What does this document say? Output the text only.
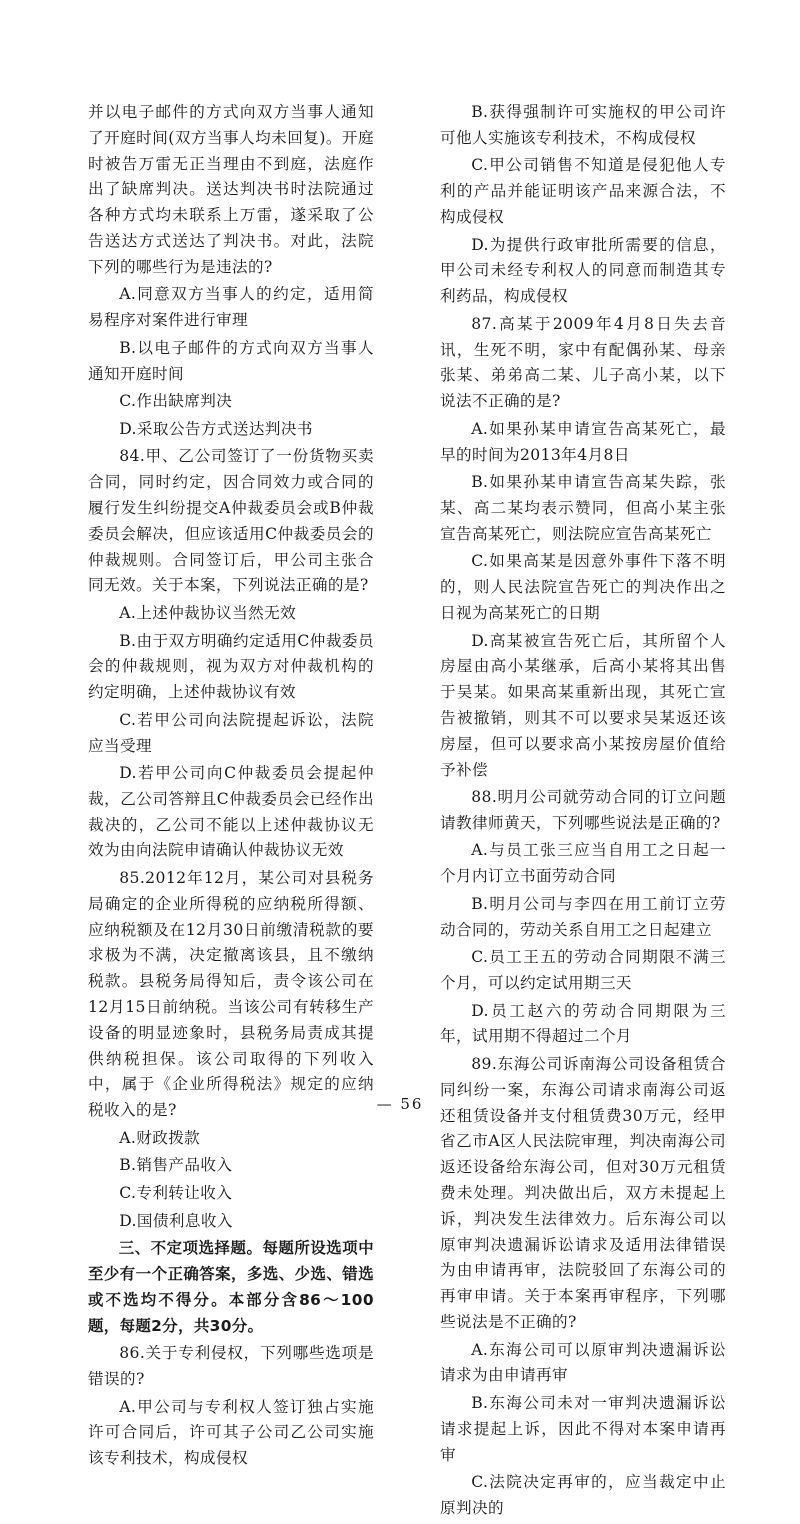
并以电子邮件的方式向双方当事人通知了开庭时间(双方当事人均未回复)。开庭时被告万雷无正当理由不到庭，法庭作出了缺席判决。送达判决书时法院通过各种方式均未联系上万雷，遂采取了公告送达方式送达了判决书。对此，法院下列的哪些行为是违法的?

A.同意双方当事人的约定，适用简易程序对案件进行审理

B.以电子邮件的方式向双方当事人通知开庭时间

C.作出缺席判决

D.采取公告方式送达判决书

84.甲、乙公司签订了一份货物买卖合同，同时约定，因合同效力或合同的履行发生纠纷提交A仲裁委员会或B仲裁委员会解决，但应该适用C仲裁委员会的仲裁规则。合同签订后，甲公司主张合同无效。关于本案，下列说法正确的是?

A.上述仲裁协议当然无效

B.由于双方明确约定适用C仲裁委员会的仲裁规则，视为双方对仲裁机构的约定明确，上述仲裁协议有效

C.若甲公司向法院提起诉讼，法院应当受理

D.若甲公司向C仲裁委员会提起仲裁，乙公司答辩且C仲裁委员会已经作出裁决的，乙公司不能以上述仲裁协议无效为由向法院申请确认仲裁协议无效

85.2012年12月，某公司对县税务局确定的企业所得税的应纳税所得额、应纳税额及在12月30日前缴清税款的要求极为不满，决定撤离该县，且不缴纳税款。县税务局得知后，责令该公司在12月15日前纳税。当该公司有转移生产设备的明显迹象时，县税务局责成其提供纳税担保。该公司取得的下列收入中，属于《企业所得税法》规定的应纳税收入的是?

A.财政拨款

B.销售产品收入

C.专利转让收入

D.国债利息收入

三、不定项选择题。每题所设选项中至少有一个正确答案，多选、少选、错选或不选均不得分。本部分含86～100题，每题2分，共30分。

86.关于专利侵权，下列哪些选项是错误的?

A.甲公司与专利权人签订独占实施许可合同后，许可其子公司乙公司实施该专利技术，构成侵权

B.获得强制许可实施权的甲公司许可他人实施该专利技术，不构成侵权

C.甲公司销售不知道是侵犯他人专利的产品并能证明该产品来源合法，不构成侵权

D.为提供行政审批所需要的信息，甲公司未经专利权人的同意而制造其专利药品，构成侵权

87.高某于2009年4月8日失去音讯，生死不明，家中有配偶孙某、母亲张某、弟弟高二某、儿子高小某，以下说法不正确的是?

A.如果孙某申请宣告高某死亡，最早的时间为2013年4月8日

B.如果孙某申请宣告高某失踪，张某、高二某均表示赞同，但高小某主张宣告高某死亡，则法院应宣告高某死亡

C.如果高某是因意外事件下落不明的，则人民法院宣告死亡的判决作出之日视为高某死亡的日期

D.高某被宣告死亡后，其所留个人房屋由高小某继承，后高小某将其出售于吴某。如果高某重新出现，其死亡宣告被撤销，则其不可以要求吴某返还该房屋，但可以要求高小某按房屋价值给予补偿

88.明月公司就劳动合同的订立问题请教律师黄天，下列哪些说法是正确的?

A.与员工张三应当自用工之日起一个月内订立书面劳动合同

B.明月公司与李四在用工前订立劳动合同的，劳动关系自用工之日起建立

C.员工王五的劳动合同期限不满三个月，可以约定试用期三天

D.员工赵六的劳动合同期限为三年，试用期不得超过二个月

89.东海公司诉南海公司设备租赁合同纠纷一案，东海公司请求南海公司返还租赁设备并支付租赁费30万元，经甲省乙市A区人民法院审理，判决南海公司返还设备给东海公司，但对30万元租赁费未处理。判决做出后，双方未提起上诉，判决发生法律效力。后东海公司以原审判决遗漏诉讼请求及适用法律错误为由申请再审，法院驳回了东海公司的再审申请。关于本案再审程序，下列哪些说法是不正确的?

A.东海公司可以原审判决遗漏诉讼请求为由申请再审

B.东海公司未对一审判决遗漏诉讼请求提起上诉，因此不得对本案申请再审

C.法院决定再审的，应当裁定中止原判决的

— 56
